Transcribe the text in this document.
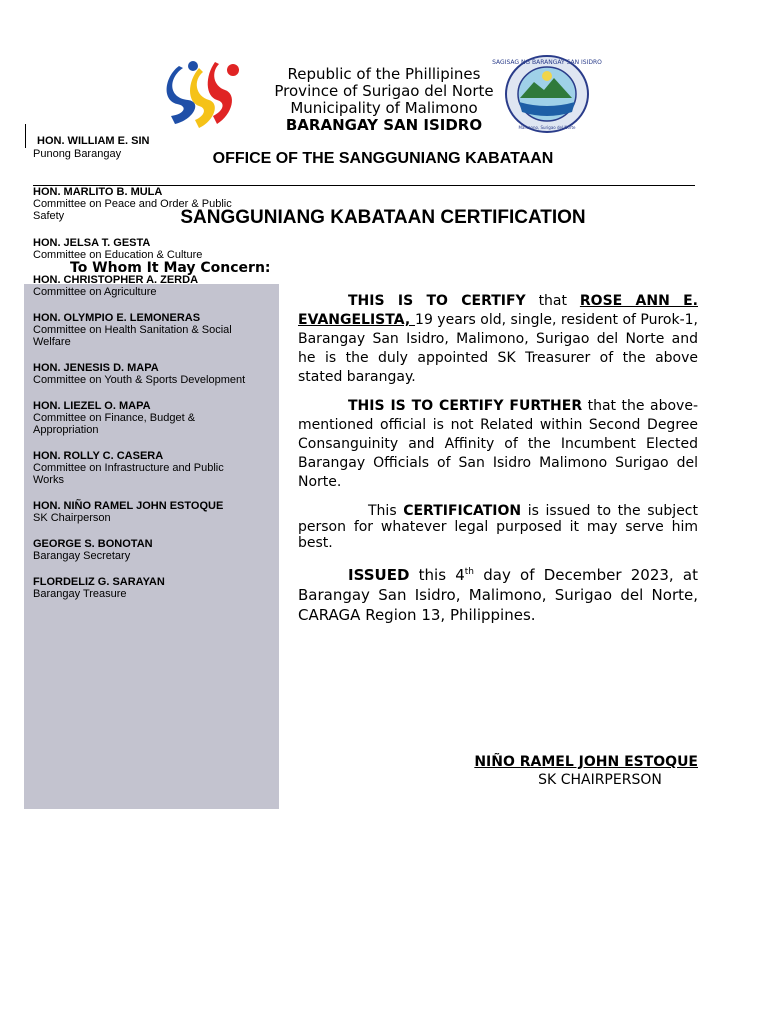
Republic of the Phillipines
Province of Surigao del Norte
Municipality of Malimono
BARANGAY SAN ISIDRO
SAGISAG NG BARANGAY SAN ISIDRO
Malimono, Surigao del Norte
OFFICE OF THE SANGGUNIANG KABATAAN
HON. WILLIAM E. SIN
Punong Barangay
HON. MARLITO B. MULA
Committee on Peace and Order & Public Safety
HON. JELSA T. GESTA
Committee on Education & Culture
HON. CHRISTOPHER A. ZERDA
Committee on Agriculture
HON. OLYMPIO E. LEMONERAS
Committee on Health Sanitation & Social Welfare
HON. JENESIS D. MAPA
Committee on Youth & Sports Development
HON. LIEZEL O. MAPA
Committee on Finance, Budget & Appropriation
HON. ROLLY C. CASERA
Committee on Infrastructure and Public Works
HON. NIÑO RAMEL JOHN ESTOQUE
SK Chairperson
GEORGE S. BONOTAN
Barangay Secretary
FLORDELIZ G. SARAYAN
Barangay Treasure
SANGGUNIANG KABATAAN CERTIFICATION
To Whom It May Concern:
THIS IS TO CERTIFY that ROSE ANN E. EVANGELISTA, 19 years old, single, resident of Purok-1, Barangay San Isidro, Malimono, Surigao del Norte and he is the duly appointed SK Treasurer of the above stated barangay.
THIS IS TO CERTIFY FURTHER that the above-mentioned official is not Related within Second Degree Consanguinity and Affinity of the Incumbent Elected Barangay Officials of San Isidro Malimono Surigao del Norte.
This CERTIFICATION is issued to the subject person for whatever legal purposed it may serve him best.
ISSUED this 4th day of December 2023, at Barangay San Isidro, Malimono, Surigao del Norte, CARAGA Region 13, Philippines.
NIÑO RAMEL JOHN ESTOQUE
SK CHAIRPERSON
